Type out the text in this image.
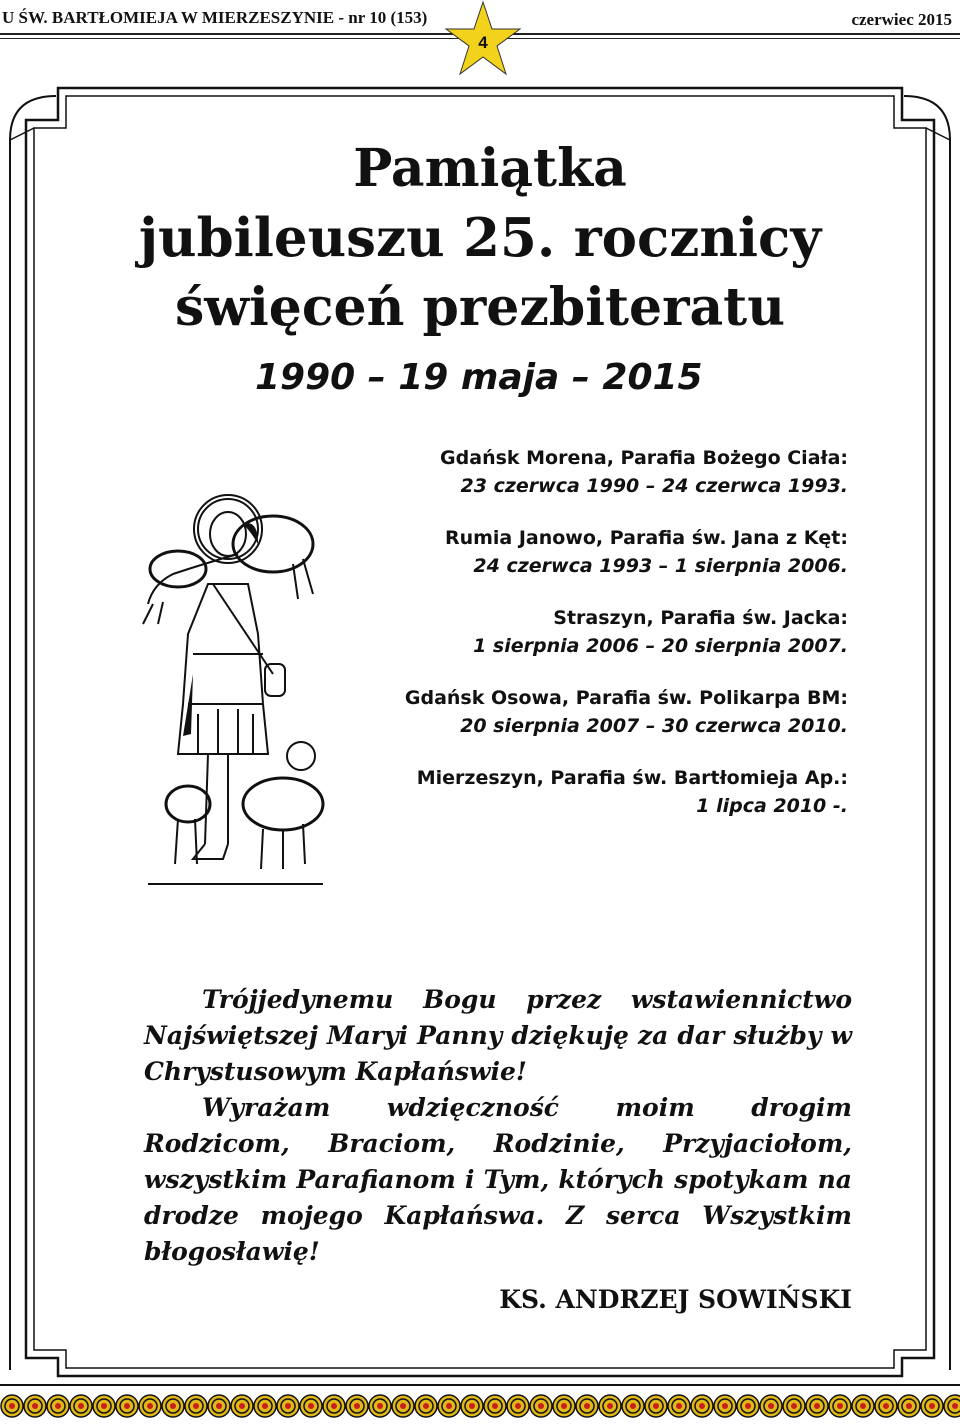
U ŚW. BARTŁOMIEJA W MIERZESZYNIE - nr 10 (153)	czerwiec 2015
4
Pamiątka
jubileuszu 25. rocznicy
święceń prezbiteratu
1990 – 19 maja – 2015
Gdańsk Morena, Parafia Bożego Ciała:
23 czerwca 1990 – 24 czerwca 1993.
Rumia Janowo, Parafia św. Jana z Kęt:
24 czerwca 1993 – 1 sierpnia 2006.
Straszyn, Parafia św. Jacka:
1 sierpnia 2006 – 20 sierpnia 2007.
Gdańsk Osowa, Parafia św. Polikarpa BM:
20 sierpnia 2007 – 30 czerwca 2010.
Mierzeszyn, Parafia św. Bartłomieja Ap.:
1 lipca 2010 -.

Trójjedynemu Bogu przez wstawiennictwo Najświętszej Maryi Panny dziękuję za dar służby w Chrystusowym Kapłańswie!

Wyrażam wdzięczność moim drogim Rodzicom, Braciom, Rodzinie, Przyjaciołom, wszystkim Parafianom i Tym, których spotykam na drodze mojego Kapłańswa. Z serca Wszystkim błogosławię!

KS. ANDRZEJ SOWIŃSKI
